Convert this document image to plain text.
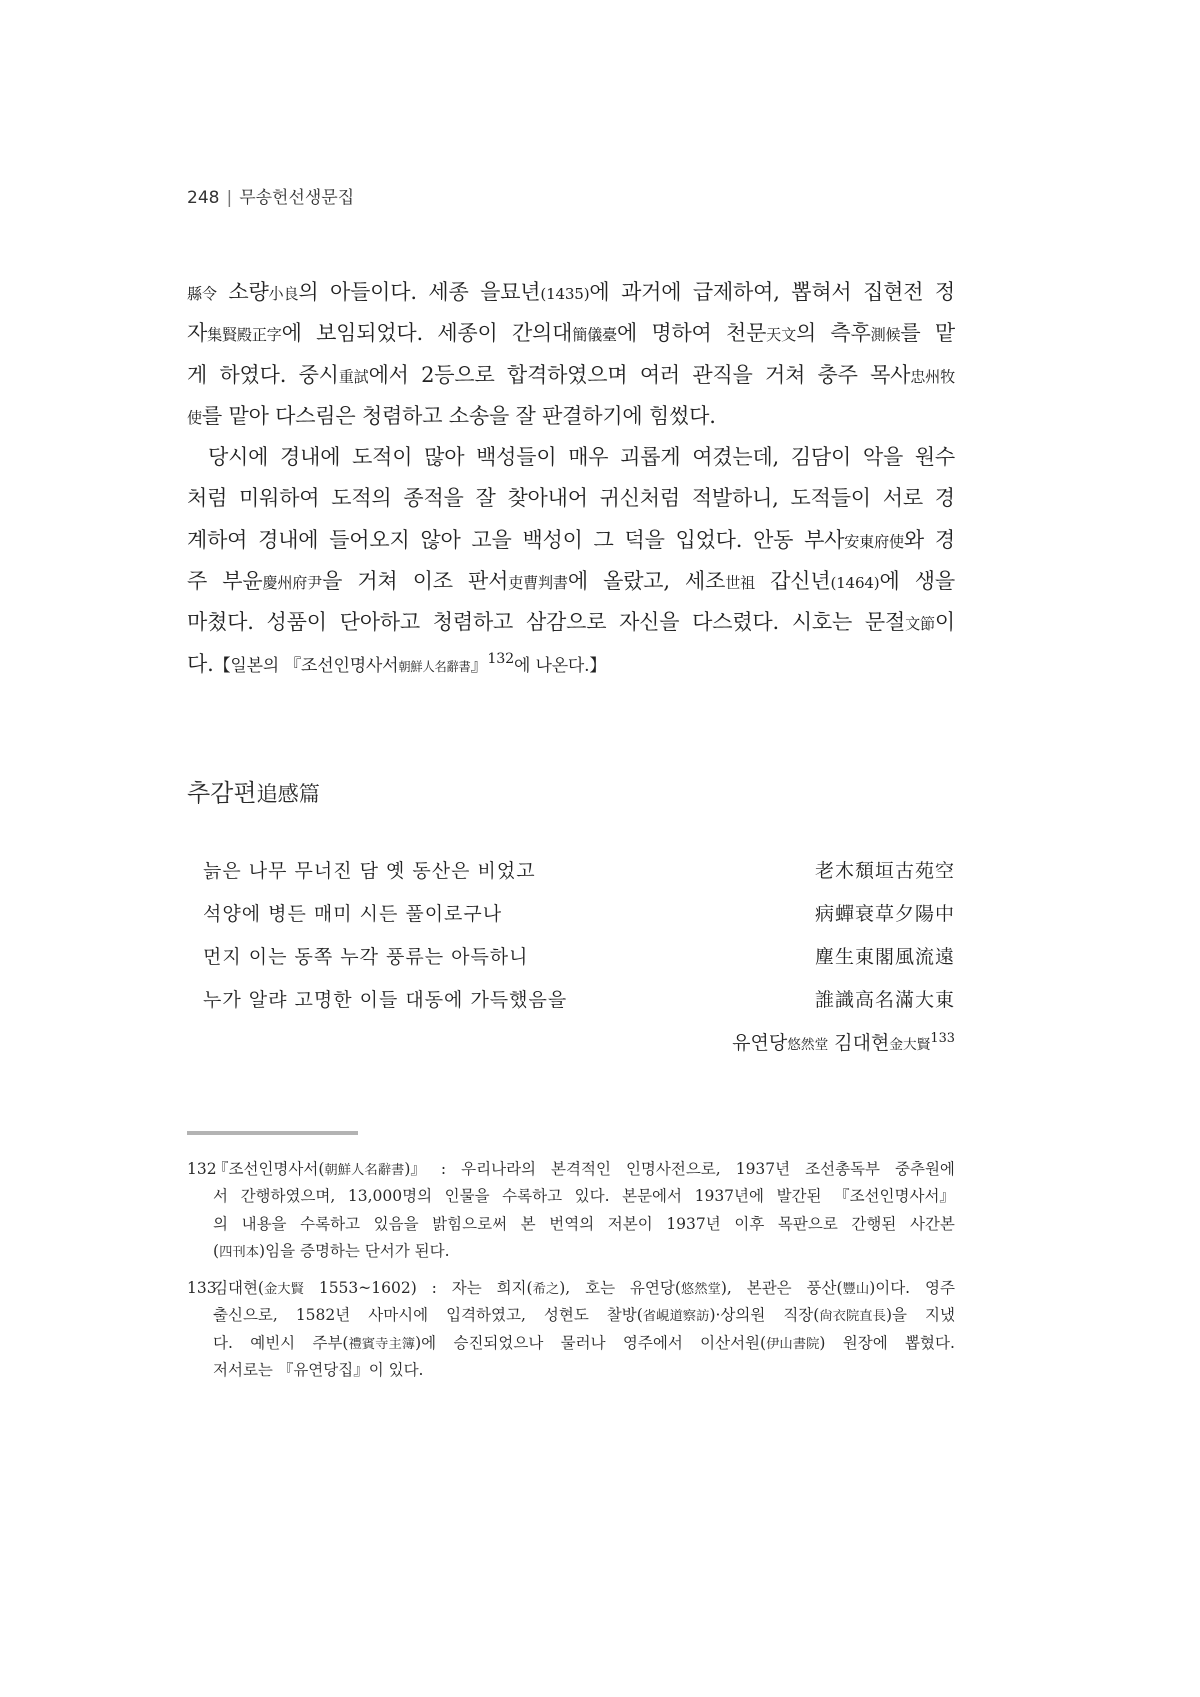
248 | 무송헌선생문집
縣令 소량小良의 아들이다. 세종 을묘년(1435)에 과거에 급제하여, 뽑혀서 집현전 정
자集賢殿正字에 보임되었다. 세종이 간의대簡儀臺에 명하여 천문天文의 측후測候를 맡
게 하였다. 중시重試에서 2등으로 합격하였으며 여러 관직을 거쳐 충주 목사忠州牧
使를 맡아 다스림은 청렴하고 소송을 잘 판결하기에 힘썼다.
당시에 경내에 도적이 많아 백성들이 매우 괴롭게 여겼는데, 김담이 악을 원수
처럼 미워하여 도적의 종적을 잘 찾아내어 귀신처럼 적발하니, 도적들이 서로 경
계하여 경내에 들어오지 않아 고을 백성이 그 덕을 입었다. 안동 부사安東府使와 경
주 부윤慶州府尹을 거쳐 이조 판서吏曹判書에 올랐고, 세조世祖 갑신년(1464)에 생을
마쳤다. 성품이 단아하고 청렴하고 삼감으로 자신을 다스렸다. 시호는 문절文節이
다.【일본의 『조선인명사서朝鮮人名辭書』$^{132}$에 나온다.】
추감편追感篇
늙은 나무 무너진 담 옛 동산은 비었고	老木頹垣古苑空
석양에 병든 매미 시든 풀이로구나	病蟬衰草夕陽中
먼지 이는 동쪽 누각 풍류는 아득하니	塵生東閣風流遠
누가 알랴 고명한 이들 대동에 가득했음을	誰識高名滿大東
유연당悠然堂 김대현金大賢$^{133}$
132
『조선인명사서(朝鮮人名辭書)』 : 우리나라의 본격적인 인명사전으로, 1937년 조선총독부 중추원에
서 간행하였으며, 13,000명의 인물을 수록하고 있다. 본문에서 1937년에 발간된 『조선인명사서』
의 내용을 수록하고 있음을 밝힘으로써 본 번역의 저본이 1937년 이후 목판으로 간행된 사간본
(四刊本)임을 증명하는 단서가 된다.
133
김대현(金大賢 1553~1602) : 자는 희지(希之), 호는 유연당(悠然堂), 본관은 풍산(豐山)이다. 영주
출신으로, 1582년 사마시에 입격하였고, 성현도 찰방(省峴道察訪)·상의원 직장(尙衣院直長)을 지냈
다. 예빈시 주부(禮賓寺主簿)에 승진되었으나 물러나 영주에서 이산서원(伊山書院) 원장에 뽑혔다.
저서로는 『유연당집』이 있다.
